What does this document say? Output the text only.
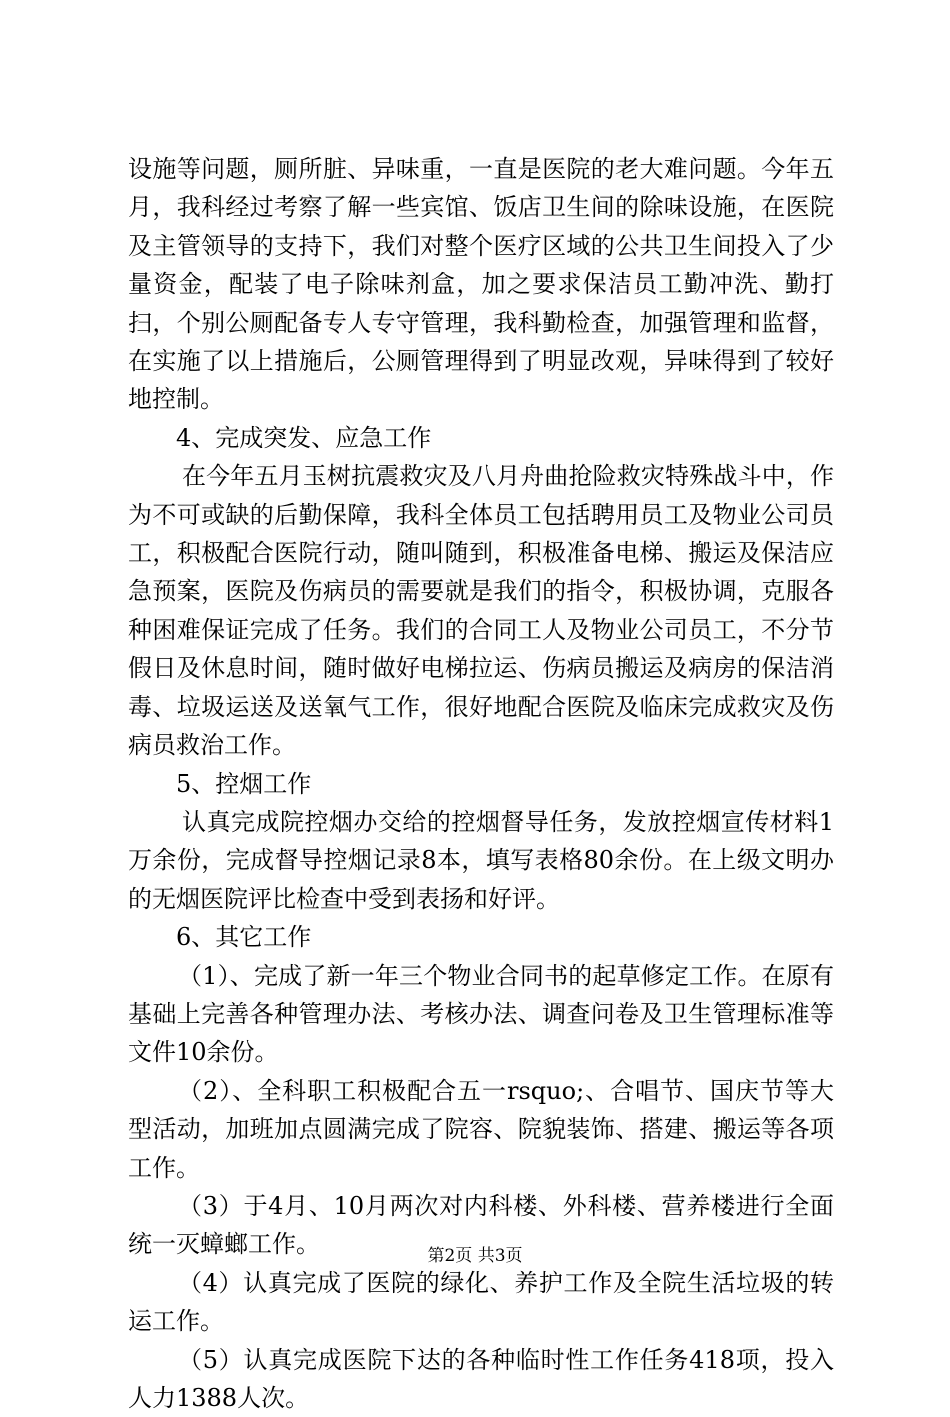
设施等问题，厕所脏、异味重，一直是医院的老大难问题。今年五月，我科经过考察了解一些宾馆、饭店卫生间的除味设施，在医院及主管领导的支持下，我们对整个医疗区域的公共卫生间投入了少量资金，配装了电子除味剂盒，加之要求保洁员工勤冲洗、勤打扫，个别公厕配备专人专守管理，我科勤检查，加强管理和监督，在实施了以上措施后，公厕管理得到了明显改观，异味得到了较好地控制。

4、完成突发、应急工作

在今年五月玉树抗震救灾及八月舟曲抢险救灾特殊战斗中，作为不可或缺的后勤保障，我科全体员工包括聘用员工及物业公司员工，积极配合医院行动，随叫随到，积极准备电梯、搬运及保洁应急预案，医院及伤病员的需要就是我们的指令，积极协调，克服各种困难保证完成了任务。我们的合同工人及物业公司员工，不分节假日及休息时间，随时做好电梯拉运、伤病员搬运及病房的保洁消毒、垃圾运送及送氧气工作，很好地配合医院及临床完成救灾及伤病员救治工作。

5、控烟工作

认真完成院控烟办交给的控烟督导任务，发放控烟宣传材料1万余份，完成督导控烟记录8本，填写表格80余份。在上级文明办的无烟医院评比检查中受到表扬和好评。

6、其它工作

（1）、完成了新一年三个物业合同书的起草修定工作。在原有基础上完善各种管理办法、考核办法、调查问卷及卫生管理标准等文件10余份。

（2）、全科职工积极配合五一rsquo;、合唱节、国庆节等大型活动，加班加点圆满完成了院容、院貌装饰、搭建、搬运等各项工作。

（3）于4月、10月两次对内科楼、外科楼、营养楼进行全面统一灭蟑螂工作。

（4）认真完成了医院的绿化、养护工作及全院生活垃圾的转运工作。

（5）认真完成医院下达的各种临时性工作任务418项，投入人力1388人次。

第2页 共3页
